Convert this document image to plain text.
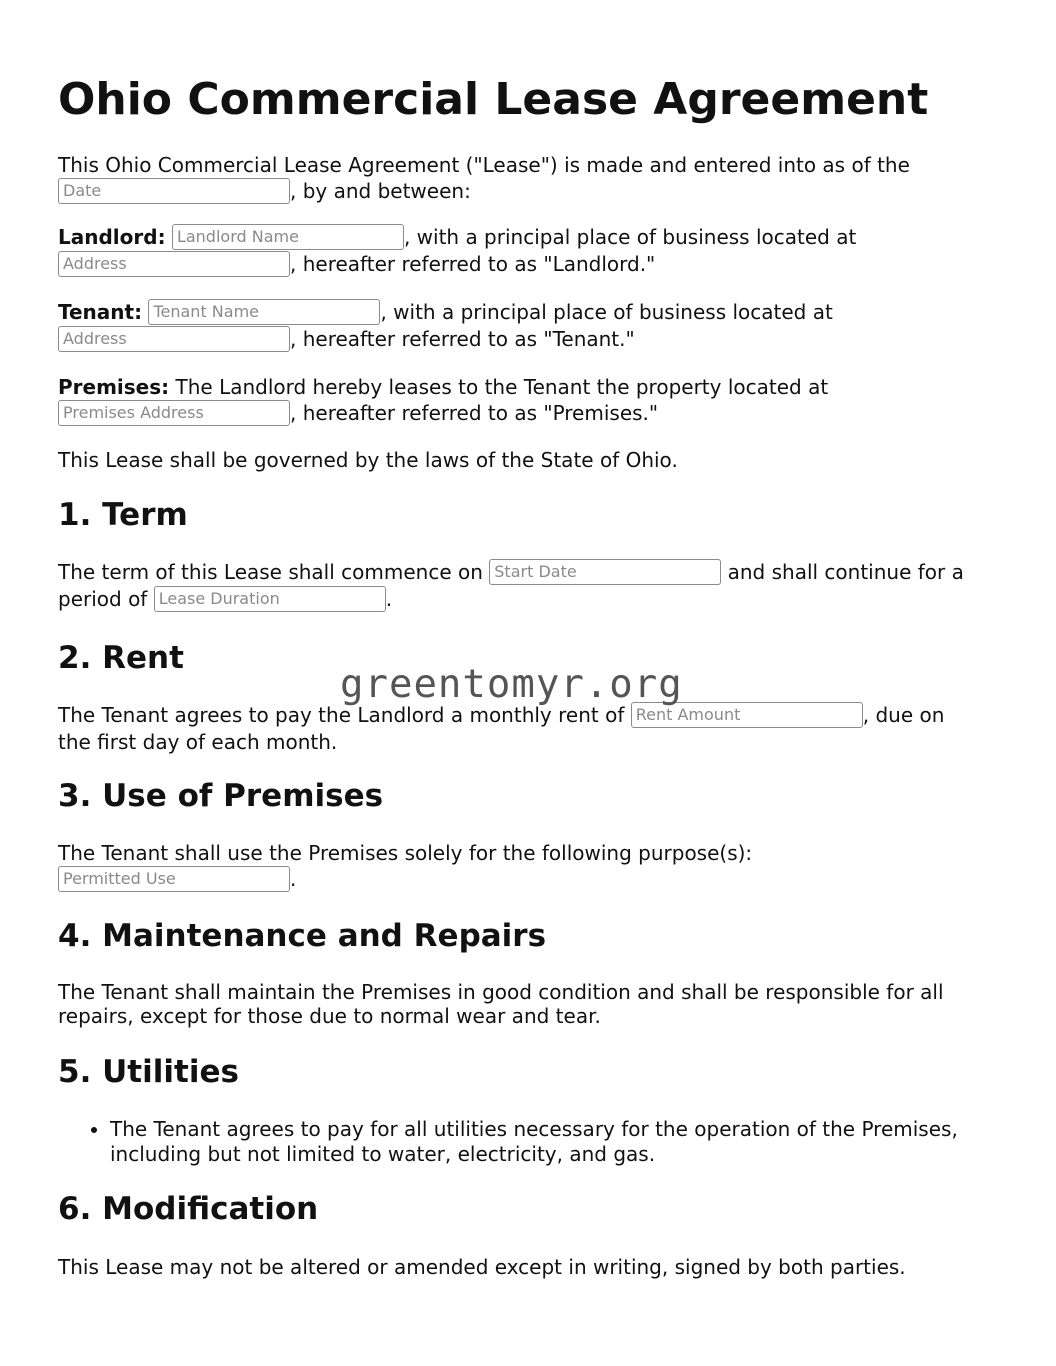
Ohio Commercial Lease Agreement
This Ohio Commercial Lease Agreement ("Lease") is made and entered into as of the
Date, by and between:
Landlord: Landlord Name	, with a principal place of business located at
Address, hereafter referred to as "Landlord."
Tenant: Tenant Name	, with a principal place of business located at
Address, hereafter referred to as "Tenant."
Premises: The Landlord hereby leases to the Tenant the property located at
Premises Address, hereafter referred to as "Premises."
This Lease shall be governed by the laws of the State of Ohio.
1. Term
The term of this Lease shall commence on Start Date	and shall continue for a
period of Lease Duration	.
2. Rent
The Tenant agrees to pay the Landlord a monthly rent of Rent Amount	, due on
the first day of each month.
3. Use of Premises
The Tenant shall use the Premises solely for the following purpose(s):
Permitted Use.
4. Maintenance and Repairs
The Tenant shall maintain the Premises in good condition and shall be responsible for all
repairs, except for those due to normal wear and tear.
5. Utilities
• The Tenant agrees to pay for all utilities necessary for the operation of the Premises,
including but not limited to water, electricity, and gas.
6. Modification
This Lease may not be altered or amended except in writing, signed by both parties.
greentomyr.org
